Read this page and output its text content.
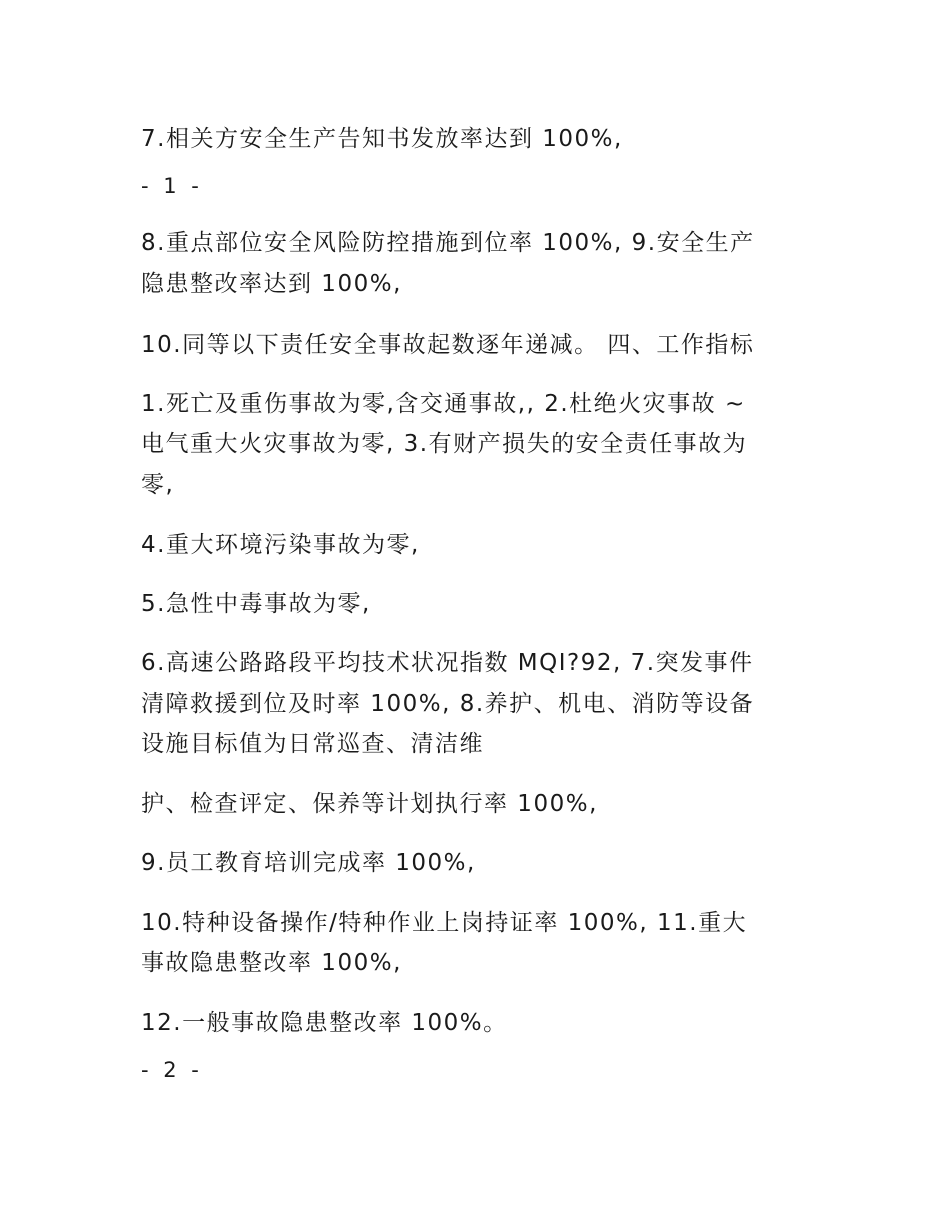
7.相关方安全生产告知书发放率达到 100%,
- 1 -
8.重点部位安全风险防控措施到位率 100%, 9.安全生产
隐患整改率达到 100%,
10.同等以下责任安全事故起数逐年递减。 四、工作指标
1.死亡及重伤事故为零,含交通事故,, 2.杜绝火灾事故 ~
电气重大火灾事故为零, 3.有财产损失的安全责任事故为
零,
4.重大环境污染事故为零,
5.急性中毒事故为零,
6.高速公路路段平均技术状况指数 MQI?92, 7.突发事件
清障救援到位及时率 100%, 8.养护、机电、消防等设备
设施目标值为日常巡查、清洁维
护、检查评定、保养等计划执行率 100%,
9.员工教育培训完成率 100%,
10.特种设备操作/特种作业上岗持证率 100%, 11.重大
事故隐患整改率 100%,
12.一般事故隐患整改率 100%。
- 2 -
